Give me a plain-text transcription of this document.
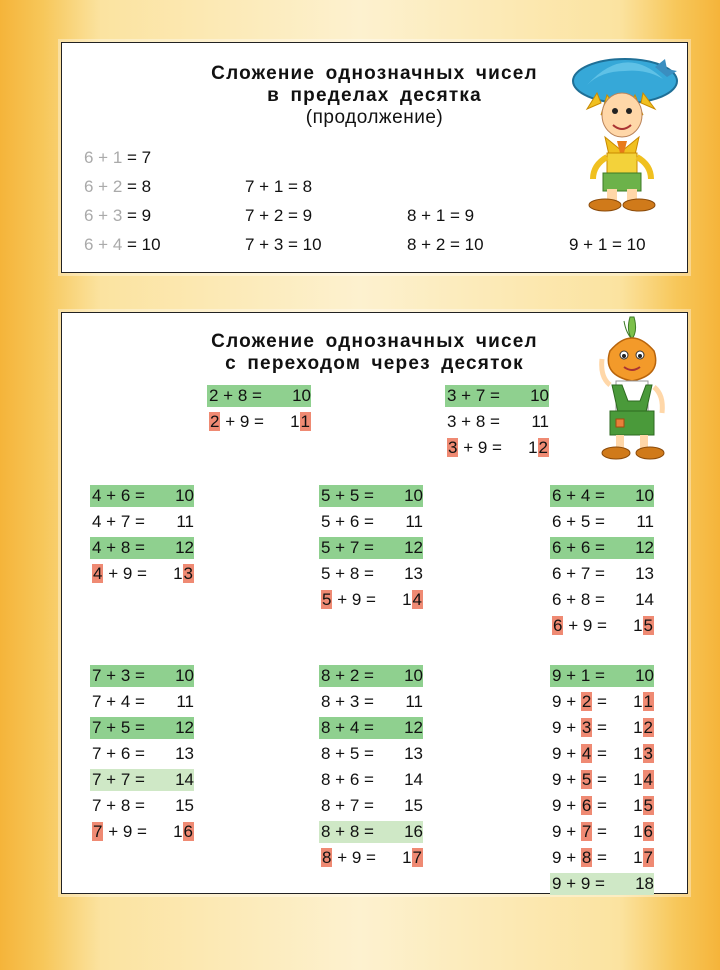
Сложение однозначных чисел
в пределах десятка
(продолжение)
6 + 1 = 7
6 + 2 = 8
6 + 3 = 9
6 + 4 = 10
7 + 1 = 8
7 + 2 = 9
7 + 3 = 10
8 + 1 = 9
8 + 2 = 10	9 + 1 = 10
Сложение однозначных чисел
с переходом через десяток
2 + 8 = 10
2 + 9 = 11
3 + 7 = 10
3 + 8 = 11
3 + 9 = 12
4 + 6 = 10
4 + 7 = 11
4 + 8 = 12
4 + 9 = 13
5 + 5 = 10
5 + 6 = 11
5 + 7 = 12
5 + 8 = 13
5 + 9 = 14
6 + 4 = 10
6 + 5 = 11
6 + 6 = 12
6 + 7 = 13
6 + 8 = 14
6 + 9 = 15
7 + 3 = 10
7 + 4 = 11
7 + 5 = 12
7 + 6 = 13
7 + 7 = 14
7 + 8 = 15
7 + 9 = 16
8 + 2 = 10
8 + 3 = 11
8 + 4 = 12
8 + 5 = 13
8 + 6 = 14
8 + 7 = 15
8 + 8 = 16
8 + 9 = 17
9 + 1 = 10
9 + 2 = 11
9 + 3 = 12
9 + 4 = 13
9 + 5 = 14
9 + 6 = 15
9 + 7 = 16
9 + 8 = 17
9 + 9 = 18
